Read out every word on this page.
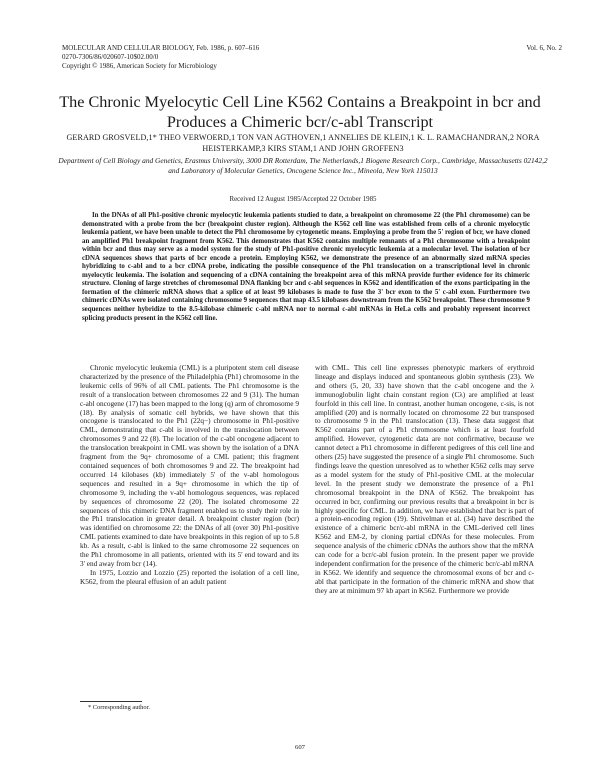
MOLECULAR AND CELLULAR BIOLOGY, Feb. 1986, p. 607–616
0270-7306/86/020607-10$02.00/0
Copyright © 1986, American Society for Microbiology
Vol. 6, No. 2
The Chronic Myelocytic Cell Line K562 Contains a Breakpoint in bcr and Produces a Chimeric bcr/c-abl Transcript
GERARD GROSVELD,1* THEO VERWOERD,1 TON VAN AGTHOVEN,1 ANNELIES DE KLEIN,1 K. L. RAMACHANDRAN,2 NORA HEISTERKAMP,3 KIRS STAM,1 AND JOHN GROFFEN3
Department of Cell Biology and Genetics, Erasmus University, 3000 DR Rotterdam, The Netherlands,1 Biogene Research Corp., Cambridge, Massachusetts 02142,2 and Laboratory of Molecular Genetics, Oncogene Science Inc., Mineola, New York 115013
Received 12 August 1985/Accepted 22 October 1985
In the DNAs of all Ph1-positive chronic myelocytic leukemia patients studied to date, a breakpoint on chromosome 22 (the Ph1 chromosome) can be demonstrated with a probe from the bcr (breakpoint cluster region). Although the K562 cell line was established from cells of a chronic myelocytic leukemia patient, we have been unable to detect the Ph1 chromosome by cytogenetic means. Employing a probe from the 5' region of bcr, we have cloned an amplified Ph1 breakpoint fragment from K562. This demonstrates that K562 contains multiple remnants of a Ph1 chromosome with a breakpoint within bcr and thus may serve as a model system for the study of Ph1-positive chronic myelocytic leukemia at a molecular level. The isolation of bcr cDNA sequences shows that parts of bcr encode a protein. Employing K562, we demonstrate the presence of an abnormally sized mRNA species hybridizing to c-abl and to a bcr cDNA probe, indicating the possible consequence of the Ph1 translocation on a transcriptional level in chronic myelocytic leukemia. The isolation and sequencing of a cDNA containing the breakpoint area of this mRNA provide further evidence for its chimeric structure. Cloning of large stretches of chromosomal DNA flanking bcr and c-abl sequences in K562 and identification of the exons participating in the formation of the chimeric mRNA shows that a splice of at least 99 kilobases is made to fuse the 3' bcr exon to the 5' c-abl exon. Furthermore two chimeric cDNAs were isolated containing chromosome 9 sequences that map 43.5 kilobases downstream from the K562 breakpoint. These chromosome 9 sequences neither hybridize to the 8.5-kilobase chimeric c-abl mRNA nor to normal c-abl mRNAs in HeLa cells and probably represent incorrect splicing products present in the K562 cell line.

Chronic myelocytic leukemia (CML) is a pluripotent stem cell disease characterized by the presence of the Philadelphia (Ph1) chromosome in the leukemic cells of 96% of all CML patients. The Ph1 chromosome is the result of a translocation between chromosomes 22 and 9 (31). The human c-abl oncogene (17) has been mapped to the long (q) arm of chromosome 9 (18). By analysis of somatic cell hybrids, we have shown that this oncogene is translocated to the Ph1 (22q−) chromosome in Ph1-positive CML, demonstrating that c-abl is involved in the translocation between chromosomes 9 and 22 (8). The location of the c-abl oncogene adjacent to the translocation breakpoint in CML was shown by the isolation of a DNA fragment from the 9q+ chromosome of a CML patient; this fragment contained sequences of both chromosomes 9 and 22. The breakpoint had occurred 14 kilobases (kb) immediately 5' of the v-abl homologous sequences and resulted in a 9q+ chromosome in which the tip of chromosome 9, including the v-abl homologous sequences, was replaced by sequences of chromosome 22 (20). The isolated chromosome 22 sequences of this chimeric DNA fragment enabled us to study their role in the Ph1 translocation in greater detail. A breakpoint cluster region (bcr) was identified on chromosome 22: the DNAs of all (over 30) Ph1-positive CML patients examined to date have breakpoints in this region of up to 5.8 kb. As a result, c-abl is linked to the same chromosome 22 sequences on the Ph1 chromosome in all patients, oriented with its 5' end toward and its 3' end away from bcr (14).

In 1975, Lozzio and Lozzio (25) reported the isolation of a cell line, K562, from the pleural effusion of an adult patient

with CML. This cell line expresses phenotypic markers of erythroid lineage and displays induced and spontaneous globin synthesis (23). We and others (5, 20, 33) have shown that the c-abl oncogene and the λ immunoglobulin light chain constant region (Cλ) are amplified at least fourfold in this cell line. In contrast, another human oncogene, c-sis, is not amplified (20) and is normally located on chromosome 22 but transposed to chromosome 9 in the Ph1 translocation (13). These data suggest that K562 contains part of a Ph1 chromosome which is at least fourfold amplified. However, cytogenetic data are not confirmative, because we cannot detect a Ph1 chromosome in different pedigrees of this cell line and others (25) have suggested the presence of a single Ph1 chromosome. Such findings leave the question unresolved as to whether K562 cells may serve as a model system for the study of Ph1-positive CML at the molecular level. In the present study we demonstrate the presence of a Ph1 chromosomal breakpoint in the DNA of K562. The breakpoint has occurred in bcr, confirming our previous results that a breakpoint in bcr is highly specific for CML. In addition, we have established that bcr is part of a protein-encoding region (19). Shtivelman et al. (34) have described the existence of a chimeric bcr/c-abl mRNA in the CML-derived cell lines K562 and EM-2, by cloning partial cDNAs for these molecules. From sequence analysis of the chimeric cDNAs the authors show that the mRNA can code for a bcr/c-abl fusion protein. In the present paper we provide independent confirmation for the presence of the chimeric bcr/c-abl mRNA in K562. We identify and sequence the chromosomal exons of bcr and c-abl that participate in the formation of the chimeric mRNA and show that they are at minimum 97 kb apart in K562. Furthermore we provide

* Corresponding author.
607
